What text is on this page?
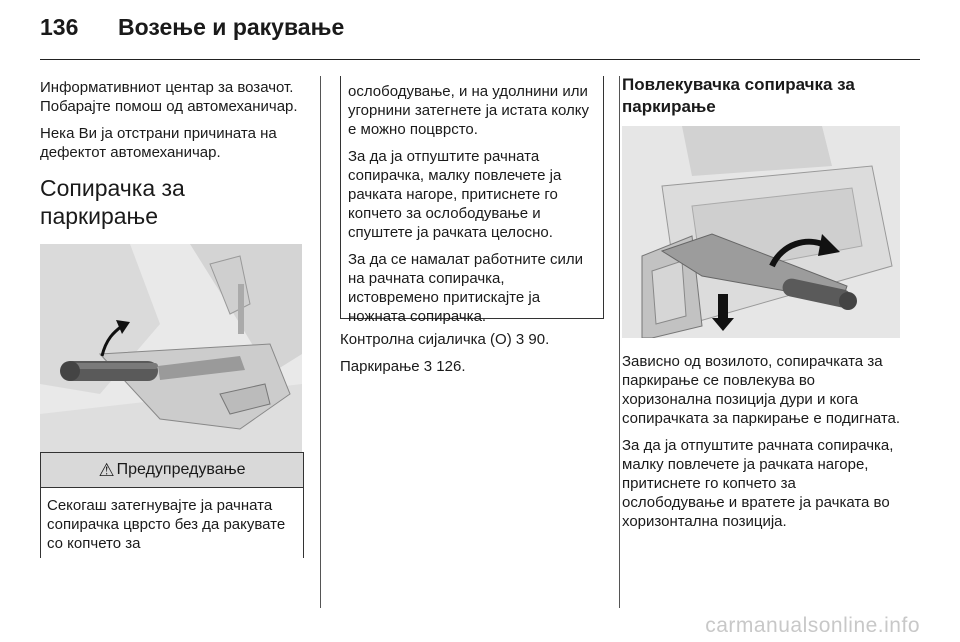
136 Возење и ракување

Информативниот центар за возачот. Побарајте помош од автомеханичар.

Нека Ви ја отстрани причината на дефектот автомеханичар.

Сопирачка за паркирање
⚠ Предупредување
Секогаш затегнувајте ја рачната сопирачка цврсто без да ракувате со копчето за

ослободување, и на удолнини или угорнини затегнете ја истата колку е можно поцврсто.

За да ја отпуштите рачната сопирачка, малку повлечете ја рачката нагоре, притиснете го копчето за ослободување и спуштете ја рачката целосно.

За да се намалат работните сили на рачната сопирачка, истовремено притискајте ја ножната сопирачка.

Контролна сијаличка (O) 3 90.

Паркирање 3 126.

Повлекувачка сопирачка за паркирање

Зависно од возилото, сопирачката за паркирање се повлекува во хоризонална позиција дури и кога сопирачката за паркирање е подигната.

За да ја отпуштите рачната сопирачка, малку повлечете ја рачката нагоре, притиснете го копчето за ослободување и вратете ја рачката во хоризонтална позиција.

carmanualsonline.info
